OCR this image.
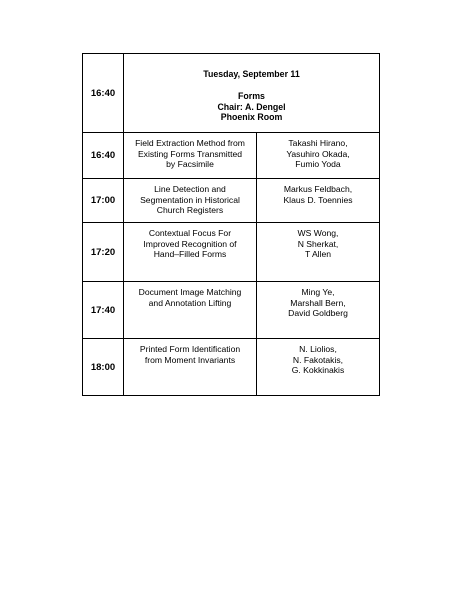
16:40
Tuesday, September 11
Forms
Chair: A. Dengel
Phoenix Room
16:40
Field Extraction Method from
Existing Forms Transmitted
by Facsimile
Takashi Hirano,
Yasuhiro Okada,
Fumio Yoda
17:00
Line Detection and
Segmentation in Historical
Church Registers
Markus Feldbach,
Klaus D. Toennies
17:20
Contextual Focus For
Improved Recognition of
Hand–Filled Forms
WS Wong,
N Sherkat,
T Allen
17:40
Document Image Matching
and Annotation Lifting
Ming Ye,
Marshall Bern,
David Goldberg
18:00
Printed Form Identification
from Moment Invariants
N. Liolios,
N. Fakotakis,
G. Kokkinakis
